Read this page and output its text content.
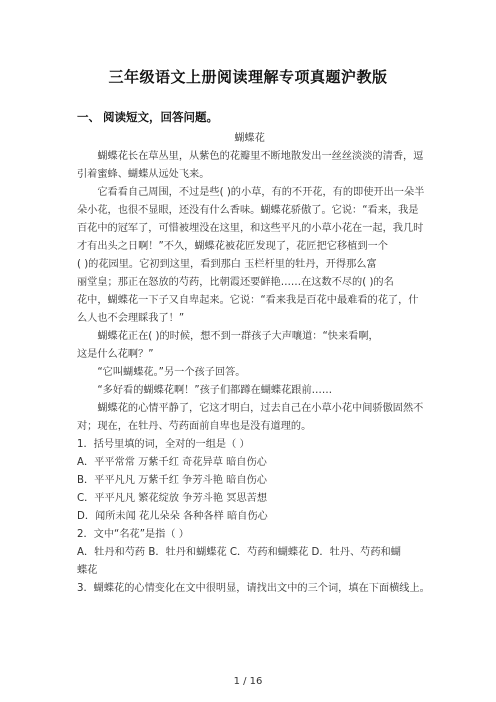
三年级语文上册阅读理解专项真题沪教版
一、 阅读短文，回答问题。
蝴蝶花
　　蝴蝶花长在草丛里，从紫色的花瓣里不断地散发出一丝丝淡淡的清香，逗
引着蜜蜂、蝴蝶从远处飞来。
　　它看看自己周围，不过是些( )的小草，有的不开花，有的即使开出一朵半
朵小花，也很不显眼，还没有什么香味。蝴蝶花骄傲了。它说：“看来，我是
百花中的冠军了，可惜被埋没在这里，和这些平凡的小草小花在一起，我几时
才有出头之日啊！”不久，蝴蝶花被花匠发现了，花匠把它移植到一个
( )的花园里。它初到这里，看到那白 玉栏杆里的牡丹，开得那么富
丽堂皇；那正在怒放的芍药，比朝霞还要鲜艳……在这数不尽的( )的名
花中，蝴蝶花一下子又自卑起来。它说：“看来我是百花中最难看的花了，什
么人也不会理睬我了！”
　　蝴蝶花正在( )的时候，想不到一群孩子大声嚷道：“快来看啊，
这是什么花啊？”
　　“它叫蝴蝶花。”另一个孩子回答。
　　“多好看的蝴蝶花啊！”孩子们都蹲在蝴蝶花跟前……
　　蝴蝶花的心情平静了，它这才明白，过去自己在小草小花中间骄傲固然不
对；现在，在牡丹、芍药面前自卑也是没有道理的。
1．括号里填的词，全对的一组是（ ）
A．平平常常 万紫千红 奇花异草 暗自伤心
B．平平凡凡 万紫千红 争芳斗艳 暗自伤心
C．平平凡凡 繁花绽放 争芳斗艳 冥思苦想
D．闻所未闻 花儿朵朵 各种各样 暗自伤心
2．文中“名花”是指（ ）
A．牡丹和芍药 B．牡丹和蝴蝶花 C．芍药和蝴蝶花 D．牡丹、芍药和蝴
蝶花
3．蝴蝶花的心情变化在文中很明显，请找出文中的三个词，填在下面横线上。
1 / 16
